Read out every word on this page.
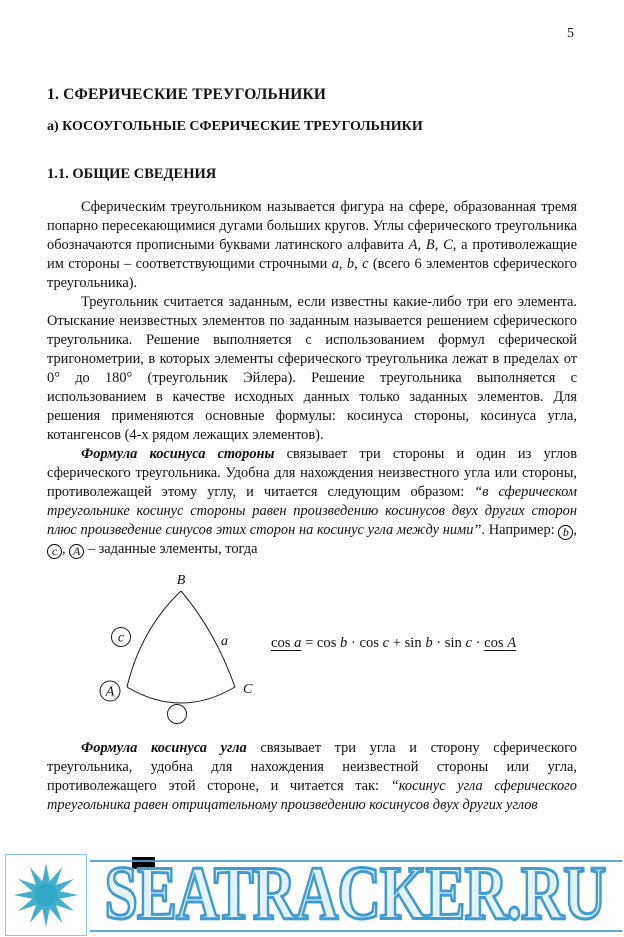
5
1. СФЕРИЧЕСКИЕ ТРЕУГОЛЬНИКИ
а) КОСОУГОЛЬНЫЕ СФЕРИЧЕСКИЕ ТРЕУГОЛЬНИКИ
1.1. ОБЩИЕ СВЕДЕНИЯ

Сферическим треугольником называется фигура на сфере, образованная тремя попарно пересекающимися дугами больших кругов. Углы сферического треугольника обозначаются прописными буквами латинского алфавита A, B, C, а противолежащие им стороны – соответствующими строчными a, b, c (всего 6 элементов сферического треугольника).

Треугольник считается заданным, если известны какие-либо три его элемента. Отыскание неизвестных элементов по заданным называется решением сферического треугольника. Решение выполняется с использованием формул сферической тригонометрии, в которых элементы сферического треугольника лежат в пределах от 0° до 180° (треугольник Эйлера). Решение треугольника выполняется с использованием в качестве исходных данных только заданных элементов. Для решения применяются основные формулы: косинуса стороны, косинуса угла, котангенсов (4-х рядом лежащих элементов).

Формула косинуса стороны связывает три стороны и один из углов сферического треугольника. Удобна для нахождения неизвестного угла или стороны, противолежащей этому углу, и читается следующим образом: “в сферическом треугольнике косинус стороны равен произведению косинусов двух других сторон плюс произведение синусов этих сторон на косинус угла между ними”. Например: b , c , A – заданные элементы, тогда

B
C
a
c
A
cos a = cos b · cos c + sin b · sin c · cos A

Формула косинуса угла связывает три угла и сторону сферического треугольника, удобна для нахождения неизвестной стороны или угла, противолежащего этой стороне, и читается так: “косинус угла сферического треугольника равен отрицательному произведению косинусов двух других углов

SEATRACKER.RU
